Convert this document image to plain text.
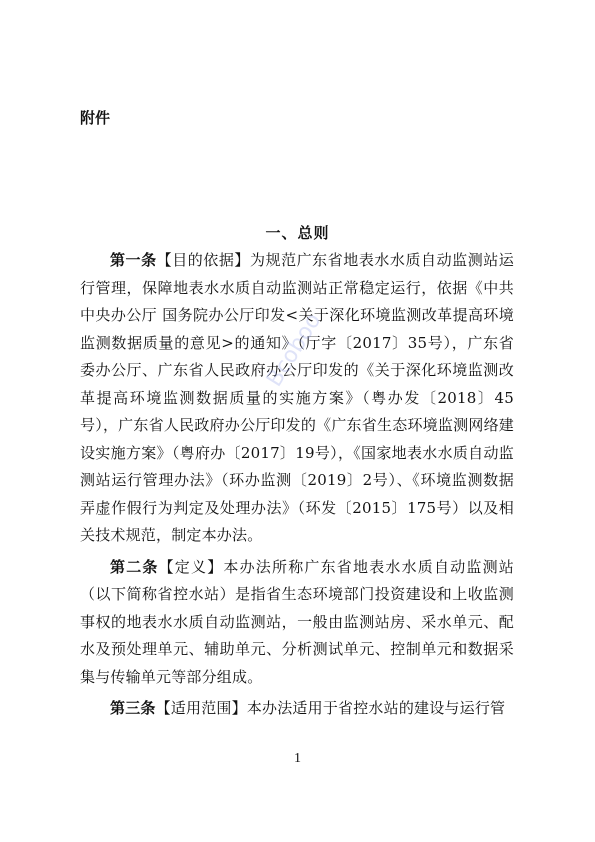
附件
一、总则

第一条【目的依据】为规范广东省地表水水质自动监测站运行管理，保障地表水水质自动监测站正常稳定运行，依据《中共中央办公厅 国务院办公厅印发<关于深化环境监测改革提高环境监测数据质量的意见>的通知》（厅字〔2017〕35号），广东省委办公厅、广东省人民政府办公厅印发的《关于深化环境监测改革提高环境监测数据质量的实施方案》（粤办发〔2018〕45号），广东省人民政府办公厅印发的《广东省生态环境监测网络建设实施方案》（粤府办〔2017〕19号），《国家地表水水质自动监测站运行管理办法》（环办监测〔2019〕2号）、《环境监测数据弄虚作假行为判定及处理办法》（环发〔2015〕175号）以及相关技术规范，制定本办法。

第二条【定义】本办法所称广东省地表水水质自动监测站（以下简称省控水站）是指省生态环境部门投资建设和上收监测事权的地表水水质自动监测站，一般由监测站房、采水单元、配水及预处理单元、辅助单元、分析测试单元、控制单元和数据采集与传输单元等部分组成。

第三条【适用范围】本办法适用于省控水站的建设与运行管

Bcoboo
1
